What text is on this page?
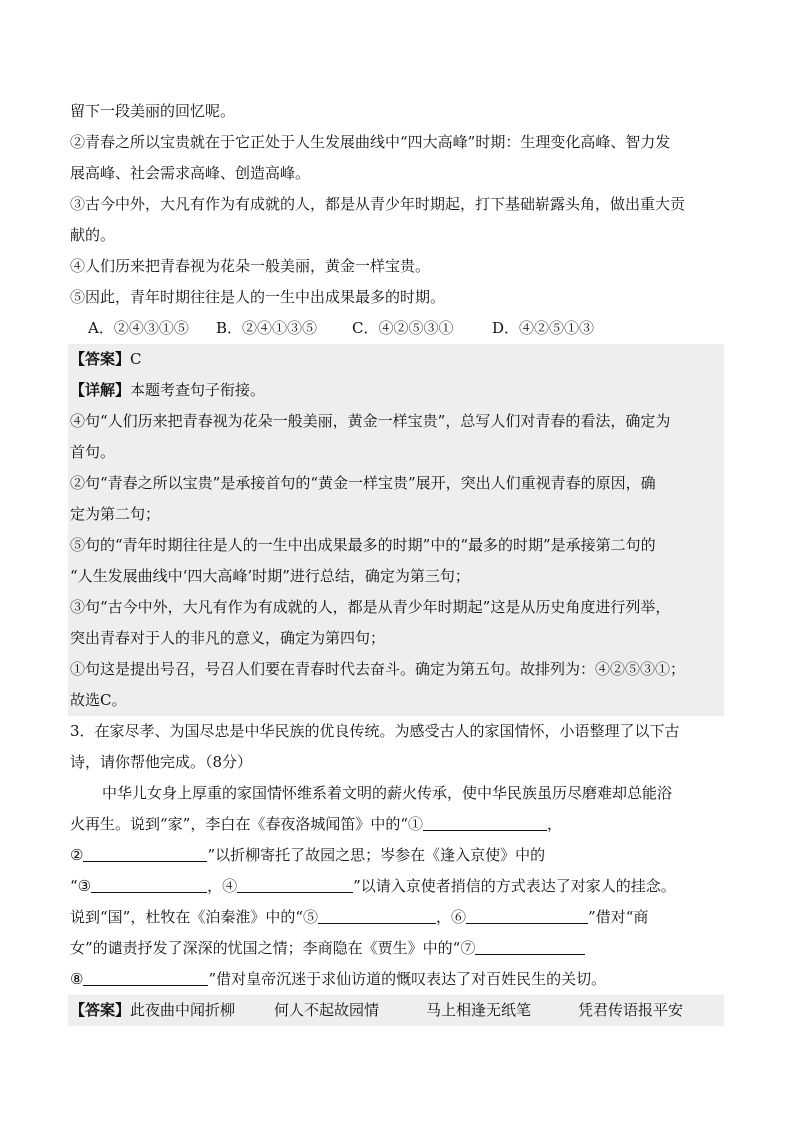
留下一段美丽的回忆呢。
②青春之所以宝贵就在于它正处于人生发展曲线中“四大高峰”时期：生理变化高峰、智力发
展高峰、社会需求高峰、创造高峰。
③古今中外，大凡有作为有成就的人，都是从青少年时期起，打下基础崭露头角，做出重大贡
献的。
④人们历来把青春视为花朵一般美丽，黄金一样宝贵。
⑤因此，青年时期往往是人的一生中出成果最多的时期。
A．②④③①⑤ B．②④①③⑤ C．④②⑤③①	D．④②⑤①③
【答案】C
【详解】本题考查句子衔接。
④句“人们历来把青春视为花朵一般美丽，黄金一样宝贵”，总写人们对青春的看法，确定为
首句。
②句“青春之所以宝贵”是承接首句的“黄金一样宝贵”展开，突出人们重视青春的原因，确
定为第二句；
⑤句的“青年时期往往是人的一生中出成果最多的时期”中的“最多的时期”是承接第二句的
“人生发展曲线中‘四大高峰’时期”进行总结，确定为第三句；
③句“古今中外，大凡有作为有成就的人，都是从青少年时期起”这是从历史角度进行列举，
突出青春对于人的非凡的意义，确定为第四句；
①句这是提出号召，号召人们要在青春时代去奋斗。确定为第五句。故排列为：④②⑤③①；
故选C。
3．在家尽孝、为国尽忠是中华民族的优良传统。为感受古人的家国情怀，小语整理了以下古
诗，请你帮他完成。（8分）
中华儿女身上厚重的家国情怀维系着文明的薪火传承，使中华民族虽历尽磨难却总能浴
火再生。说到“家”，李白在《春夜洛城闻笛》中的“①	，
②	”以折柳寄托了故园之思；岑参在《逢入京使》中的
“③	，④	”以请入京使者捎信的方式表达了对家人的挂念。
说到“国”，杜牧在《泊秦淮》中的“⑤	，⑥	”借对“商
女”的谴责抒发了深深的忧国之情；李商隐在《贾生》中的“⑦
⑧	”借对皇帝沉迷于求仙访道的慨叹表达了对百姓民生的关切。
【答案】此夜曲中闻折柳	何人不起故园情	马上相逢无纸笔	凭君传语报平安
